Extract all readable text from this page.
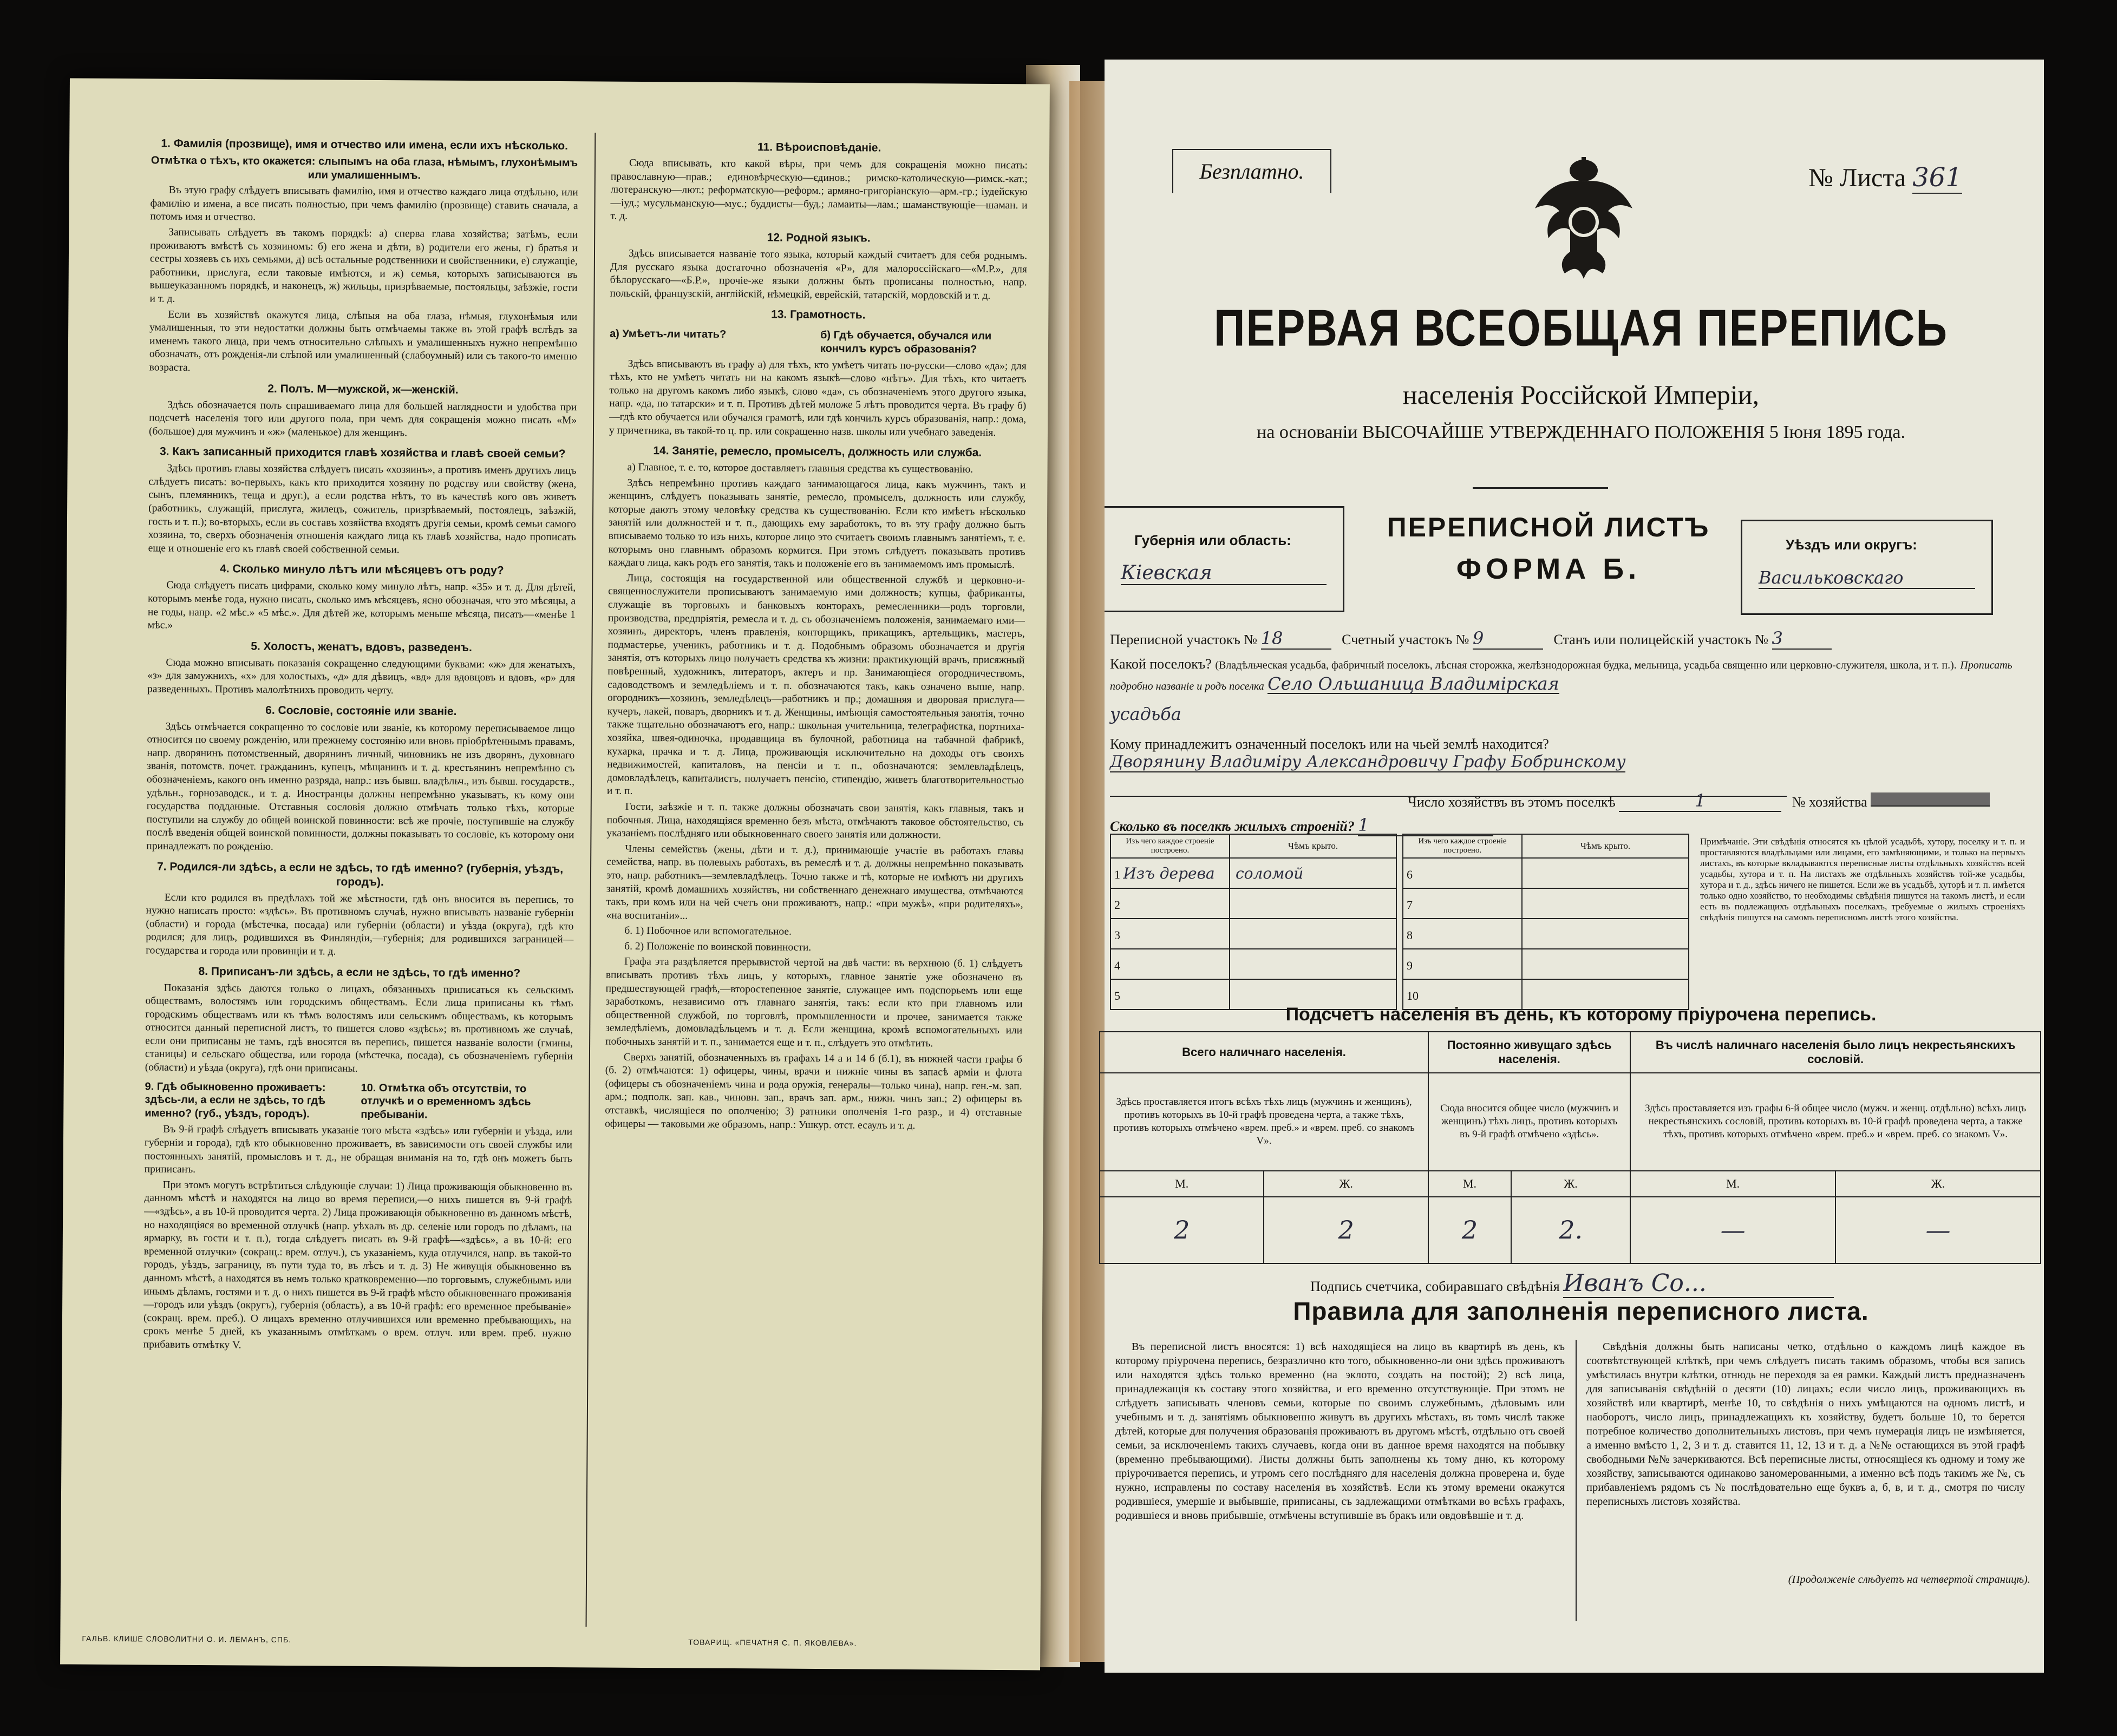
1. Фамилія (прозвище), имя и отчество или имена, если ихъ нѣсколько.
Отмѣтка о тѣхъ, кто окажется: слыпымъ на оба глаза, нѣмымъ, глухонѣмымъ или умалишеннымъ.
Въ этую графу слѣдуетъ вписывать фамилію, имя и отчество каждаго лица отдѣльно, или фамилію и имена, а все писать полностью, при чемъ фамилію (прозвище) ставить сначала, а потомъ имя и отчество.
Записывать слѣдуетъ въ такомъ порядкѣ: а) сперва глава хозяйства; затѣмъ, если проживаютъ вмѣстѣ съ хозяиномъ: б) его жена и дѣти, в) родители его жены, г) братья и сестры хозяевъ съ ихъ семьями, д) всѣ остальные родственники и свойственники, е) служащіе, работники, прислуга, если таковые имѣются, и ж) семья, которыхъ записываются въ вышеуказанномъ порядкѣ, и наконецъ, ж) жильцы, призрѣваемые, постояльцы, заѣзжіе, гости и т. д.
Если въ хозяйствѣ окажутся лица, слѣпыя на оба глаза, нѣмыя, глухонѣмыя или умалишенныя, то эти недостатки должны быть отмѣчаемы также въ этой графѣ вслѣдъ за именемъ такого лица, при чемъ относительно слѣпыхъ и умалишенныхъ нужно непремѣнно обозначать, отъ рожденія-ли слѣпой или умалишенный (слабоумный) или съ такого-то именно возраста.
2. Полъ. М—мужской, ж—женскій.
Здѣсь обозначается полъ спрашиваемаго лица для большей наглядности и удобства при подсчетѣ населенія того или другого пола, при чемъ для сокращенія можно писать «М» (большое) для мужчинъ и «ж» (маленькое) для женщинъ.
3. Какъ записанный приходится главѣ хозяйства и главѣ своей семьи?
Здѣсь противъ главы хозяйства слѣдуетъ писать «хозяинъ», а противъ именъ другихъ лицъ слѣдуетъ писать: во-первыхъ, какъ кто приходится хозяину по родству или свойству (жена, сынъ, племянникъ, теща и друг.), а если родства нѣтъ, то въ качествѣ кого овъ живетъ (работникъ, служащій, прислуга, жилецъ, сожитель, призрѣваемый, постоялецъ, заѣзжій, гость и т. п.); во-вторыхъ, если въ составъ хозяйства входятъ другія семьи, кромѣ семьи самого хозяина, то, сверхъ обозначенія отношенія каждаго лица къ главѣ хозяйства, надо прописать еще и отношеніе его къ главѣ своей собственной семьи.
4. Сколько минуло лѣтъ или мѣсяцевъ отъ роду?
Сюда слѣдуетъ писать цифрами, сколько кому минуло лѣтъ, напр. «35» и т. д. Для дѣтей, которымъ менѣе года, нужно писать, сколько имъ мѣсяцевъ, ясно обозначая, что это мѣсяцы, а не годы, напр. «2 мѣс.» «5 мѣс.». Для дѣтей же, которымъ меньше мѣсяца, писать—«менѣе 1 мѣс.»
5. Холостъ, женатъ, вдовъ, разведенъ.
Сюда можно вписывать показанія сокращенно следующими буквами: «ж» для женатыхъ, «з» для замужнихъ, «х» для холостыхъ, «д» для дѣвицъ, «вд» для вдовцовъ и вдовъ, «р» для разведенныхъ. Противъ малолѣтнихъ проводить черту.
6. Сословіе, состояніе или званіе.
Здѣсь отмѣчается сокращенно то сословіе или званіе, къ которому переписываемое лицо относится по своему рожденію, или прежнему состоянію или вновь пріобрѣтеннымъ правамъ, напр. дворянинъ потомственный, дворянинъ личный, чиновникъ не изъ дворянъ, духовнаго званія, потомств. почет. гражданинъ, купецъ, мѣщанинъ и т. д. крестьянинъ непремѣнно съ обозначеніемъ, какого онъ именно разряда, напр.: изъ бывш. владѣльч., изъ бывш. государств., удѣльн., горнозаводск., и т. д. Иностранцы должны непремѣнно указывать, къ кому они государства подданные. Отставныя сословія должно отмѣчать только тѣхъ, которые поступили на службу до общей воинской повинности: всѣ же прочіе, поступившіе на службу послѣ введенія общей воинской повинности, должны показывать то сословіе, къ которому они принадлежатъ по рожденію.
7. Родился-ли здѣсь, а если не здѣсь, то гдѣ именно? (губернія, уѣздъ, городъ).
Если кто родился въ предѣлахъ той же мѣстности, гдѣ онъ вносится въ перепись, то нужно написать просто: «здѣсь». Въ противномъ случаѣ, нужно вписывать названіе губерніи (области) и города (мѣстечка, посада) или губерніи (области) и уѣзда (округа), гдѣ кто родился; для лицъ, родившихся въ Финляндіи,—губернія; для родившихся заграницей—государства и города или провинціи и т. д.
8. Приписанъ-ли здѣсь, а если не здѣсь, то гдѣ именно?
Показанія здѣсь даются только о лицахъ, обязанныхъ приписаться къ сельскимъ обществамъ, волостямъ или городскимъ обществамъ. Если лица приписаны къ тѣмъ городскимъ обществамъ или къ тѣмъ волостямъ или сельскимъ обществамъ, къ которымъ относится данный переписной листъ, то пишется слово «здѣсь»; въ противномъ же случаѣ, если они приписаны не тамъ, гдѣ вносятся въ перепись, пишется названіе волости (гмины, станицы) и сельскаго общества, или города (мѣстечка, посада), съ обозначеніемъ губерніи (области) и уѣзда (округа), гдѣ они приписаны.
9. Гдѣ обыкновенно проживаетъ: здѣсь-ли, а если не здѣсь, то гдѣ именно? (губ., уѣздъ, городъ).
10. Отмѣтка объ отсутствіи, то отлучкѣ и о временномъ здѣсь пребываніи.
Въ 9-й графѣ слѣдуетъ вписывать указаніе того мѣста «здѣсь» или губерніи и уѣзда, или губерніи и города), гдѣ кто обыкновенно проживаетъ, въ зависимости отъ своей службы или постоянныхъ занятій, промысловъ и т. д., не обращая вниманія на то, гдѣ онъ можетъ быть приписанъ.
При этомъ могутъ встрѣтиться слѣдующіе случаи: 1) Лица проживающія обыкновенно въ данномъ мѣстѣ и находятся на лицо во время переписи,—о нихъ пишется въ 9-й графѣ—«здѣсь», а въ 10-й проводится черта. 2) Лица проживающія обыкновенно въ данномъ мѣстѣ, но находящіяся во временной отлучкѣ (напр. уѣхалъ въ др. селеніе или городъ по дѣламъ, на ярмарку, въ гости и т. п.), тогда слѣдуетъ писать въ 9-й графѣ—«здѣсь», а въ 10-й: его временной отлучки» (сокращ.: врем. отлуч.), съ указаніемъ, куда отлучился, напр. въ такой-то городъ, уѣздъ, заграницу, въ пути туда то, въ лѣсъ и т. д. 3) Не живущія обыкновенно въ данномъ мѣстѣ, а находятся въ немъ только кратковременно—по торговымъ, служебнымъ или инымъ дѣламъ, гостями и т. д. о нихъ пишется въ 9-й графѣ мѣсто обыкновеннаго проживанія—городъ или уѣздъ (округъ), губернія (область), а въ 10-й графѣ: его временное пребываніе» (сокращ. врем. преб.). О лицахъ временно отлучившихся или временно пребывающихъ, на срокъ менѣе 5 дней, къ указаннымъ отмѣткамъ о врем. отлуч. или врем. преб. нужно прибавить отмѣтку V.
11. Вѣроисповѣданіе.
Сюда вписывать, кто какой вѣры, при чемъ для сокращенія можно писать: православную—прав.; единовѣрческую—єдинов.; римско-католическую—римск.-кат.; лютеранскую—лют.; реформатскую—реформ.; армяно-григоріанскую—арм.-гр.; іудейскую—іуд.; мусульманскую—мус.; буддисты—буд.; ламаиты—лам.; шаманствующіе—шаман. и т. д.
12. Родной языкъ.
Здѣсь вписывается названіе того языка, который каждый считаетъ для себя роднымъ. Для русскаго языка достаточно обозначенія «Р», для малороссійскаго—«М.Р.», для бѣлорусскаго—«Б.Р.», прочіе-же языки должны быть прописаны полностью, напр. польскій, французскій, англійскій, нѣмецкій, еврейскій, татарскій, мордовскій и т. д.
13. Грамотность.
а) Умѣетъ-ли читать?	б) Гдѣ обучается, обучался или кончилъ курсъ образованія?
Здѣсь вписываютъ въ графу а) для тѣхъ, кто умѣетъ читать по-русски—слово «да»; для тѣхъ, кто не умѣетъ читать ни на какомъ языкѣ—слово «нѣтъ». Для тѣхъ, кто читаетъ только на другомъ какомъ либо языкѣ, слово «да», съ обозначеніемъ этого другого языка, напр. «да, по татарски» и т. п. Противъ дѣтей моложе 5 лѣтъ проводится черта. Въ графу б)—гдѣ кто обучается или обучался грамотѣ, или гдѣ кончилъ курсъ образованія, напр.: дома, у причетника, въ такой-то ц. пр. или сокращенно назв. школы или учебнаго заведенія.
14. Занятіе, ремесло, промыселъ, должность или служба.
а) Главное, т. е. то, которое доставляетъ главныя средства къ существованію.
Здѣсь непремѣнно противъ каждаго занимающагося лица, какъ мужчинъ, такъ и женщинъ, слѣдуетъ показывать занятіе, ремесло, промыселъ, должность или службу, которые даютъ этому человѣку средства къ существованію. Если кто имѣетъ нѣсколько занятій или должностей и т. п., дающихъ ему заработокъ, то въ эту графу должно быть вписываемо только то изъ нихъ, которое лицо это считаетъ своимъ главнымъ занятіемъ, т. е. которымъ оно главнымъ образомъ кормится. При этомъ слѣдуетъ показывать противъ каждаго лица, какъ родъ его занятія, такъ и положеніе его въ занимаемомъ имъ промыслѣ.
Лица, состоящія на государственной или общественной службѣ и церковно-и-священнослужители прописываютъ занимаемую ими должность; купцы, фабриканты, служащіе въ торговыхъ и банковыхъ конторахъ, ремесленники—родъ торговли, производства, предпріятія, ремесла и т. д. съ обозначеніемъ положенія, занимаемаго ими—хозяинъ, директоръ, членъ правленія, конторщикъ, прикащикъ, артельщикъ, мастеръ, подмастерье, ученикъ, работникъ и т. д. Подобнымъ образомъ обозначается и другія занятія, отъ которыхъ лицо получаетъ средства къ жизни: практикующій врачъ, присяжный повѣренный, художникъ, литераторъ, актеръ и пр. Занимающіеся огородничествомъ, садоводствомъ и земледѣліемъ и т. п. обозначаются такъ, какъ означено выше, напр. огородникъ—хозяинъ, земледѣлецъ—работникъ и пр.; домашняя и дворовая прислуга—кучеръ, лакей, поваръ, дворникъ и т. д. Женщины, имѣющія самостоятельныя занятія, точно также тщательно обозначаютъ его, напр.: школьная учительница, телеграфистка, портниха-хозяйка, швея-одиночка, продавщица въ булочной, работница на табачной фабрикѣ, кухарка, прачка и т. д. Лица, проживающія исключительно на доходы отъ своихъ недвижимостей, капиталовъ, на пенсіи и т. п., обозначаются: землевладѣлецъ, домовладѣлецъ, капиталистъ, получаетъ пенсію, стипендію, живетъ благотворительностью и т. п.
Гости, заѣзжіе и т. п. также должны обозначать свои занятія, какъ главныя, такъ и побочныя. Лица, находящіяся временно безъ мѣста, отмѣчаютъ таковое обстоятельство, съ указаніемъ послѣдняго или обыкновеннаго своего занятія или должности.
Члены семействъ (жены, дѣти и т. д.), принимающіе участіе въ работахъ главы семейства, напр. въ полевыхъ работахъ, въ ремеслѣ и т. д. должны непремѣнно показывать это, напр. работникъ—землевладѣлецъ. Точно также и тѣ, которые не имѣютъ ни другихъ занятій, кромѣ домашнихъ хозяйствъ, ни собственнаго денежнаго имущества, отмѣчаются такъ, при комъ или на чей счетъ они проживаютъ, напр.: «при мужѣ», «при родителяхъ», «на воспитаніи»...
б. 1) Побочное или вспомогательное.
б. 2) Положеніе по воинской повинности.
Графа эта раздѣляется прерывистой чертой на двѣ части: въ верхнюю (б. 1) слѣдуетъ вписывать противъ тѣхъ лицъ, у которыхъ, главное занятіе уже обозначено въ предшествующей графѣ,—второстепенное занятіе, служащее имъ подспорьемъ или еще заработкомъ, независимо отъ главнаго занятія, такъ: если кто при главномъ или общественной службой, по торговлѣ, промышленности и прочее, занимается также земледѣліемъ, домовладѣльцемъ и т. д. Если женщина, кромѣ вспомогательныхъ или побочныхъ занятій и т. п., занимается еще и т. п., слѣдуетъ это отмѣтить.
Сверхъ занятій, обозначенныхъ въ графахъ 14 а и 14 б (б.1), въ нижней части графы б (б. 2) отмѣчаются: 1) офицеры, чины, врачи и нижніе чины въ запасѣ арміи и флота (офицеры съ обозначеніемъ чина и рода оружія, генералы—только чина), напр. ген.-м. зап. арм.; подполк. зап. кав., чиновн. зап., врачъ зап. арм., нижн. чинъ зап.; 2) офицеры въ отставкѣ, числящіеся по ополченію; 3) ратники ополченія 1-го разр., и 4) отставные офицеры — таковыми же образомъ, напр.: Ушкур. отст. есаулъ и т. д.
ГАЛЬВ. КЛИШЕ СЛОВОЛИТНИ О. И. ЛЕМАНЪ, СПБ.	ТОВАРИЩ. «ПЕЧАТНЯ С. П. ЯКОВЛЕВА».
Безплатно.	№ Листа 361
ПЕРВАЯ ВСЕОБЩАЯ ПЕРЕПИСЬ
населенія Россійской Имперіи,
на основаніи ВЫСОЧАЙШЕ УТВЕРЖДЕННАГО ПОЛОЖЕНІЯ 5 Іюня 1895 года.
Губернія или область:
Кіевская
ПЕРЕПИСНОЙ ЛИСТЪ
ФОРМА Б.
Уѣздъ или округъ:
Васильковскаго
Переписной участокъ № 18	Счетный участокъ № 9	Станъ или полицейскій участокъ № 3
Какой поселокъ? (Владѣльческая усадьба, фабричный поселокъ, лѣсная сторожка, желѣзнодорожная будка, мельница, усадьба священно или церковно-служителя, школа, и т. п.). Прописать подробно названіе и родъ поселка Село Ольшаница Владимірская
усадьба
Кому принадлежитъ означенный поселокъ или на чьей землѣ находится? Дворянину Владиміру Александровичу Графу Бобринскому
Число хозяйствъ въ этомъ поселкѣ	1	№ хозяйства
Сколько въ поселкѣ жилыхъ строеній? 1
Изъ чего каждое строеніе построено.	Чѣмъ крыто.
1 Изъ дерева	соломой
2	
3	
4	
5	
Изъ чего каждое строеніе построено.	Чѣмъ крыто.
6	
7	
8	
9	
10	
Примѣчаніе. Эти свѣдѣнія относятся къ цѣлой усадьбѣ, хутору, поселку и т. п. и проставляются владѣльцами или лицами, его замѣняющими, и только на первыхъ листахъ, въ которые вкладываются переписные листы отдѣльныхъ хозяйствъ всей усадьбы, хутора и т. п. На листахъ же отдѣльныхъ хозяйствъ той-же усадьбы, хутора и т. д., здѣсь ничего не пишется. Если же въ усадьбѣ, хуторѣ и т. п. имѣется только одно хозяйство, то необходимы свѣдѣнія пишутся на такомъ листѣ, и если есть въ подлежащихъ отдѣльныхъ поселкахъ, требуемые о жилыхъ строеніяхъ свѣдѣнія пишутся на самомъ переписномъ листѣ этого хозяйства.
Подсчетъ населенія въ день, къ которому пріурочена перепись.
Всего наличнаго населенія.		Постоянно живущаго здѣсь населенія.		Въ числѣ наличнаго населенія было лицъ некрестьянскихъ сословій.	
Здѣсь проставляется итогъ всѣхъ тѣхъ лицъ (мужчинъ и женщинъ), противъ которыхъ въ 10-й графѣ проведена черта, а также тѣхъ, противъ которыхъ отмѣчено «врем. преб.» и «врем. преб. со знакомъ V».		Сюда вносится общее число (мужчинъ и женщинъ) тѣхъ лицъ, противъ которыхъ въ 9-й графѣ отмѣчено «здѣсь».		Здѣсь проставляется изъ графы 6-й общее число (мужч. и женщ. отдѣльно) всѣхъ лицъ некрестьянскихъ сословій, противъ которыхъ въ 10-й графѣ проведена черта, а также тѣхъ, противъ которыхъ отмѣчено «врем. преб.» и «врем. преб. со знакомъ V».	
М.	Ж.	М.	Ж.	М.	Ж.
2	2	2	2.	—	—
Подпись счетчика, собиравшаго свѣдѣнія Иванъ Со...
Правила для заполненія переписного листа.
Въ переписной листъ вносятся: 1) всѣ находящіеся на лицо въ квартирѣ въ день, къ которому пріурочена перепись, безразлично кто того, обыкновенно-ли они здѣсь проживаютъ или находятся здѣсь только временно (на эклото, создать на постой); 2) всѣ лица, принадлежащія къ составу этого хозяйства, и его временно отсутствующіе. При этомъ не слѣдуетъ записывать членовъ семьи, которые по своимъ служебнымъ, дѣловымъ или учебнымъ и т. д. занятіямъ обыкновенно живутъ въ другихъ мѣстахъ, въ томъ числѣ также дѣтей, которые для получения образованія проживаютъ въ другомъ мѣстѣ, отдѣльно отъ своей семьи, за исключеніемъ такихъ случаевъ, когда они въ данное время находятся на побывку (временно пребывающими). Листы должны быть заполнены къ тому дню, къ которому пріурочивается перепись, и утромъ сего послѣдняго для населенія должна проверена и, буде нужно, исправлены по составу населенія въ хозяйствѣ. Если къ этому времени окажутся родившіеся, умершіе и выбывшіе, приписаны, съ задлежащими отмѣтками во всѣхъ графахъ, родившіеся и вновь прибывшіе, отмѣчены вступившіе въ бракъ или овдовѣвшіе и т. д.
Свѣдѣнія должны быть написаны четко, отдѣльно о каждомъ лицѣ каждое въ соотвѣтствующей клѣткѣ, при чемъ слѣдуетъ писать такимъ образомъ, чтобы вся запись умѣстилась внутри клѣтки, отнюдь не переходя за ея рамки. Каждый листъ предназначенъ для записыванія свѣдѣній о десяти (10) лицахъ; если число лицъ, проживающихъ въ хозяйствѣ или квартирѣ, менѣе 10, то свѣдѣнія о нихъ умѣщаются на одномъ листѣ, и наоборотъ, число лицъ, принадлежащихъ къ хозяйству, будетъ больше 10, то берется потребное количество дополнительныхъ листовъ, при чемъ нумерація лицъ не измѣняется, а именно вмѣсто 1, 2, 3 и т. д. ставится 11, 12, 13 и т. д. а №№ остающихся въ этой графѣ свободными №№ зачеркиваются. Всѣ переписные листы, относящіеся къ одному и тому же хозяйству, записываются одинаково заномерованными, а именно всѣ подъ такимъ же №, съ прибавленіемъ рядомъ съ № послѣдовательно еще буквъ а, б, в, и т. д., смотря по числу переписныхъ листовъ хозяйства.
(Продолженіе слѣдуетъ на четвертой страницѣ).
